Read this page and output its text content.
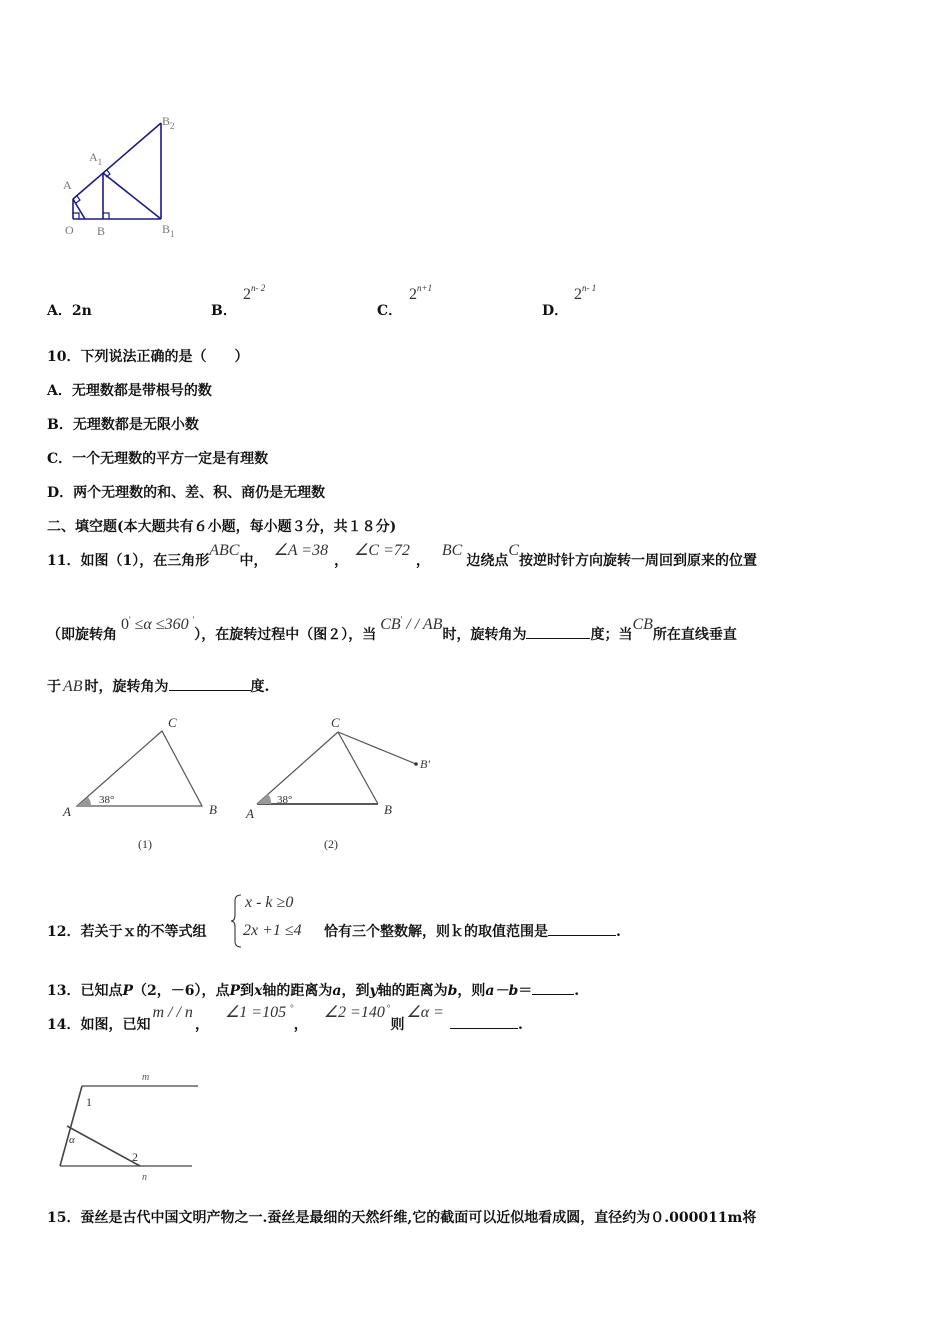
$B_2$
$A_1$
A
O B	$B_1$
A．2n	B．
2$^{n- 2}$
C．
$2^{n+1}$
D．
2$^{n- 1}$
10．下列说法正确的是（　　）
A．无理数都是带根号的数
B．无理数都是无限小数
C．一个无理数的平方一定是有理数
D．两个无理数的和、差、积、商仍是无理数
二、填空题(本大题共有６小题，每小题３分，共１８分)
11．如图（1），在三角形ABC中，∠A =38，∠C =72，BC边绕点C按逆时针方向旋转一周回到原来的位置
（即旋转角0' ≤α ≤360 '），在旋转过程中（图２），当CB' / / AB时，旋转角为	度；当CB所在直线垂直
于 AB 时，旋转角为	度.
38°
C
A	B
(1)
38°
C
A	B
B'
(2)
12．若关于ｘ的不等式组
x - k ≥0
2x +1 ≤4 恰有三个整数解，则ｋ的取值范围是	.
13．已知点P（2，－6），点P到x轴的距离为a，到y轴的距离为b，则a－b＝	.
14．如图，已知m / / n，∠1 =105 °，∠2 =140 °则∠α =.
m
n
1
2
α
15．蚕丝是古代中国文明产物之一.蚕丝是最细的天然纤维,它的截面可以近似地看成圆，直径约为０.000011m将
